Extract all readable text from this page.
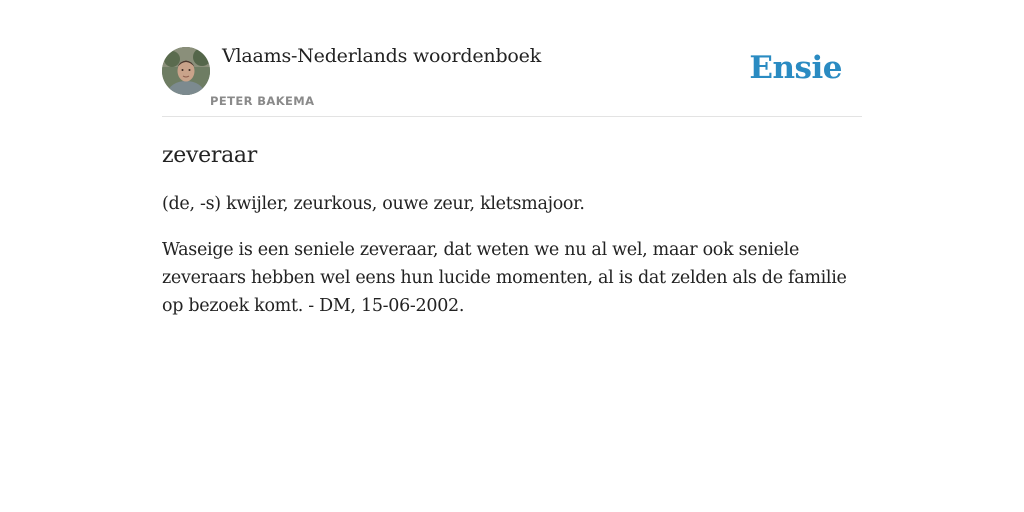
Vlaams-Nederlands woordenboek
PETER BAKEMA
Ensie
zeveraar

(de, -s) kwijler, zeurkous, ouwe zeur, kletsmajoor.

Waseige is een seniele zeveraar, dat weten we nu al wel, maar ook seniele zeveraars hebben wel eens hun lucide momenten, al is dat zelden als de familie op bezoek komt. - DM, 15-06-2002.
